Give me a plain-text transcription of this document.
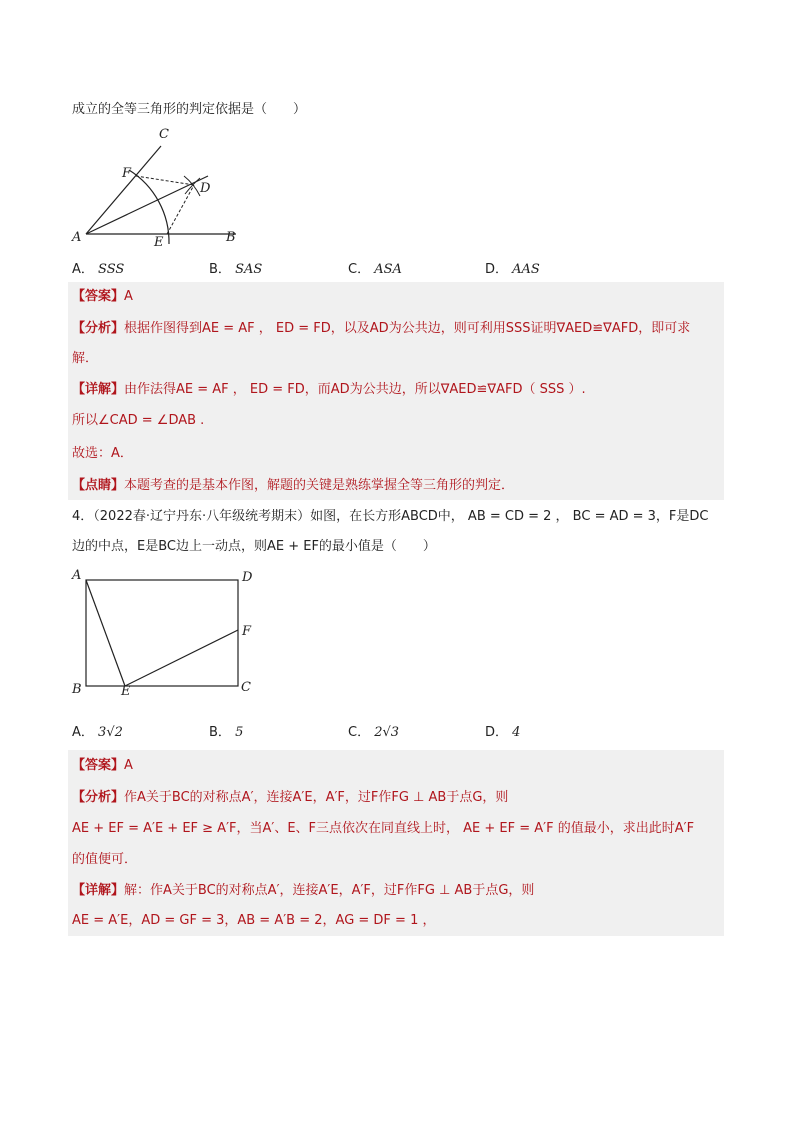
成立的全等三角形的判定依据是（　　）
A	B
C
D
E
F
A． SSS	B． SAS	C． ASA	D． AAS
【答案】A
【分析】根据作图得到AE = AF ， ED = FD，以及AD为公共边，则可利用SSS证明∇AED≌∇AFD，即可求
解．
【详解】由作法得AE = AF ， ED = FD，而AD为公共边，所以∇AED≌∇AFD（ SSS ）.
所以∠CAD = ∠DAB .
故选：A．
【点睛】本题考查的是基本作图，解题的关键是熟练掌握全等三角形的判定．
4．（2022春·辽宁丹东·八年级统考期末）如图，在长方形ABCD中， AB = CD = 2 ， BC = AD = 3，F是DC
边的中点，E是BC边上一动点，则AE + EF的最小值是（　　）
A	D
F
B	E	C
A． 3√2	B． 5	C． 2√3	D． 4
【答案】A
【分析】作A关于BC的对称点A′，连接A′E，A′F，过F作FG ⊥ AB于点G，则
AE + EF = A′E + EF ≥ A′F，当A′、E、F三点依次在同直线上时， AE + EF = A′F 的值最小，求出此时A′F
的值便可．
【详解】解：作A关于BC的对称点A′，连接A′E，A′F，过F作FG ⊥ AB于点G，则
AE = A′E，AD = GF = 3，AB = A′B = 2，AG = DF = 1 ，
